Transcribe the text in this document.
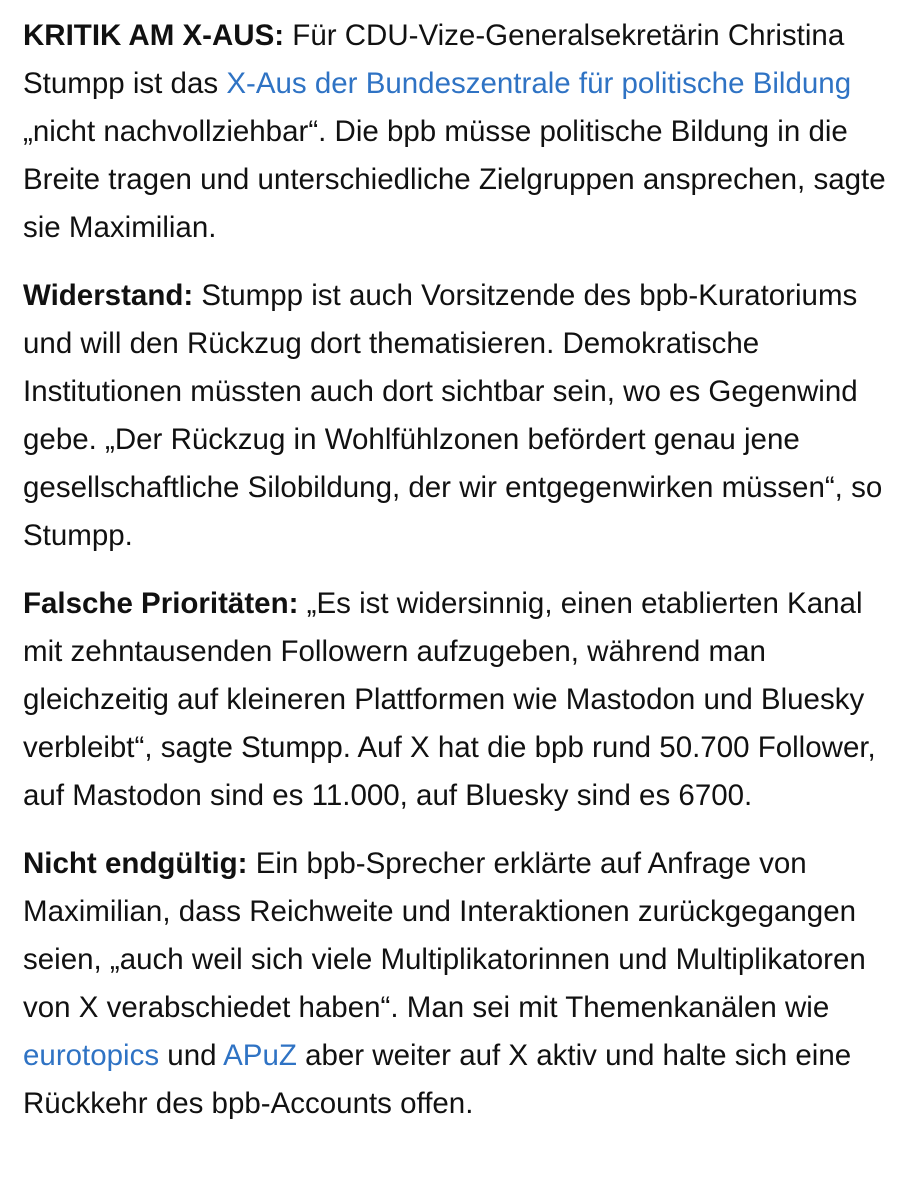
KRITIK AM X-AUS: Für CDU-Vize-Generalsekretärin Christina Stumpp ist das X-Aus der Bundeszentrale für politische Bildung „nicht nachvollziehbar“. Die bpb müsse politische Bildung in die Breite tragen und unterschiedliche Zielgruppen ansprechen, sagte sie Maximilian.

Widerstand: Stumpp ist auch Vorsitzende des bpb-Kuratoriums und will den Rückzug dort thematisieren. Demokratische Institutionen müssten auch dort sichtbar sein, wo es Gegenwind gebe. „Der Rückzug in Wohlfühlzonen befördert genau jene gesellschaftliche Silobildung, der wir entgegenwirken müssen“, so Stumpp.

Falsche Prioritäten: „Es ist widersinnig, einen etablierten Kanal mit zehntausenden Followern aufzugeben, während man gleichzeitig auf kleineren Plattformen wie Mastodon und Bluesky verbleibt“, sagte Stumpp. Auf X hat die bpb rund 50.700 Follower, auf Mastodon sind es 11.000, auf Bluesky sind es 6700.

Nicht endgültig: Ein bpb-Sprecher erklärte auf Anfrage von Maximilian, dass Reichweite und Interaktionen zurückgegangen seien, „auch weil sich viele Multiplikatorinnen und Multiplikatoren von X verabschiedet haben“. Man sei mit Themenkanälen wie eurotopics und APuZ aber weiter auf X aktiv und halte sich eine Rückkehr des bpb-Accounts offen.
